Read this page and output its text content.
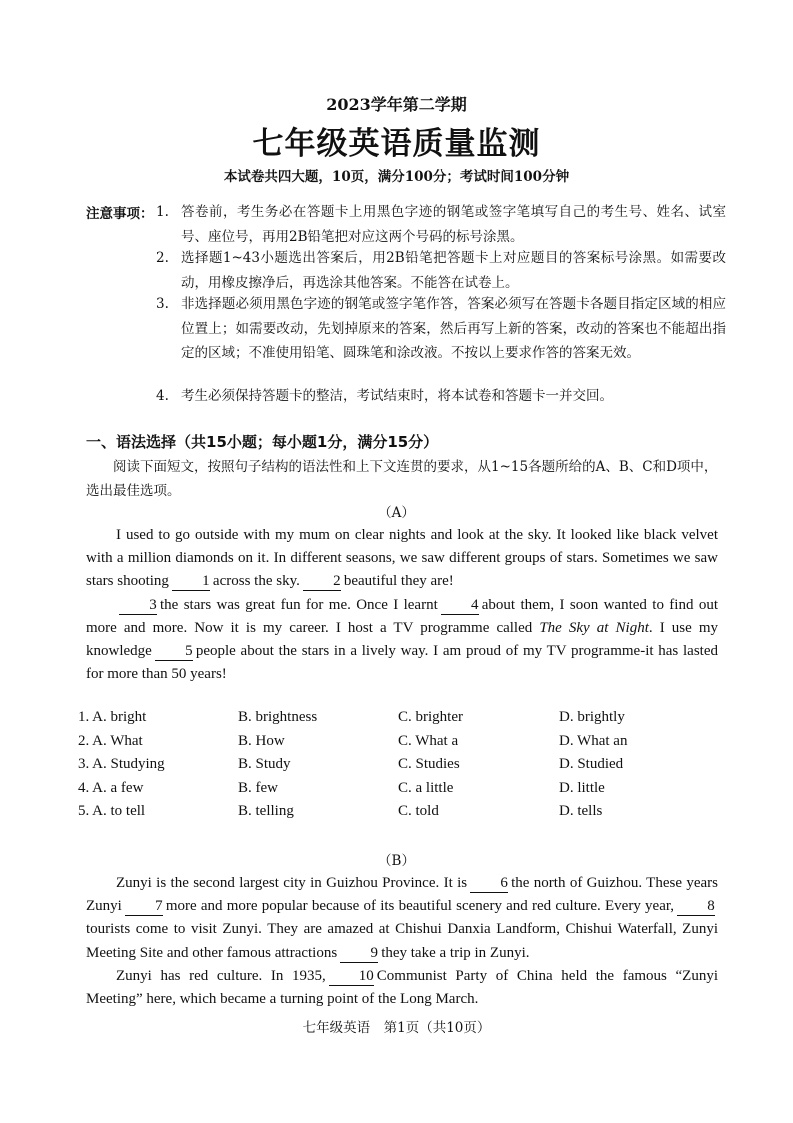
2023学年第二学期
七年级英语质量监测
本试卷共四大题，10页，满分100分；考试时间100分钟
注意事项： 1. 答卷前，考生务必在答题卡上用黑色字迹的钢笔或签字笔填写自己的考生号、姓名、试室号、座位号，再用2B铅笔把对应这两个号码的标号涂黑。
2. 选择题1~43小题选出答案后，用2B铅笔把答题卡上对应题目的答案标号涂黑。如需要改动，用橡皮擦净后，再选涂其他答案。不能答在试卷上。
3. 非选择题必须用黑色字迹的钢笔或签字笔作答，答案必须写在答题卡各题目指定区域的相应位置上；如需要改动，先划掉原来的答案，然后再写上新的答案，改动的答案也不能超出指定的区域；不准使用铅笔、圆珠笔和涂改液。不按以上要求作答的答案无效。
4. 考生必须保持答题卡的整洁，考试结束时，将本试卷和答题卡一并交回。
一、语法选择（共15小题；每小题1分，满分15分）
阅读下面短文，按照句子结构的语法性和上下文连贯的要求，从1~15各题所给的A、B、C和D项中，选出最佳选项。
（A）

I used to go outside with my mum on clear nights and look at the sky. It looked like black velvet with a million diamonds on it. In different seasons, we saw different groups of stars. Sometimes we saw stars shooting 1 across the sky. 2 beautiful they are!

3 the stars was great fun for me. Once I learnt 4 about them, I soon wanted to find out more and more. Now it is my career. I host a TV programme called The Sky at Night. I use my knowledge 5 people about the stars in a lively way. I am proud of my TV programme-it has lasted for more than 50 years!

1. A. bright	B. brightness	C. brighter	D. brightly
2. A. What	B. How	C. What a	D. What an
3. A. Studying	B. Study	C. Studies	D. Studied
4. A. a few	B. few	C. a little	D. little
5. A. to tell	B. telling	C. told	D. tells
（B）

Zunyi is the second largest city in Guizhou Province. It is 6 the north of Guizhou. These years Zunyi 7 more and more popular because of its beautiful scenery and red culture. Every year, 8tourists come to visit Zunyi. They are amazed at Chishui Danxia Landform, Chishui Waterfall, Zunyi Meeting Site and other famous attractions 9 they take a trip in Zunyi.

Zunyi has red culture. In 1935, 10 Communist Party of China held the famous “Zunyi Meeting” here, which became a turning point of the Long March.

七年级英语　第1页（共10页）
